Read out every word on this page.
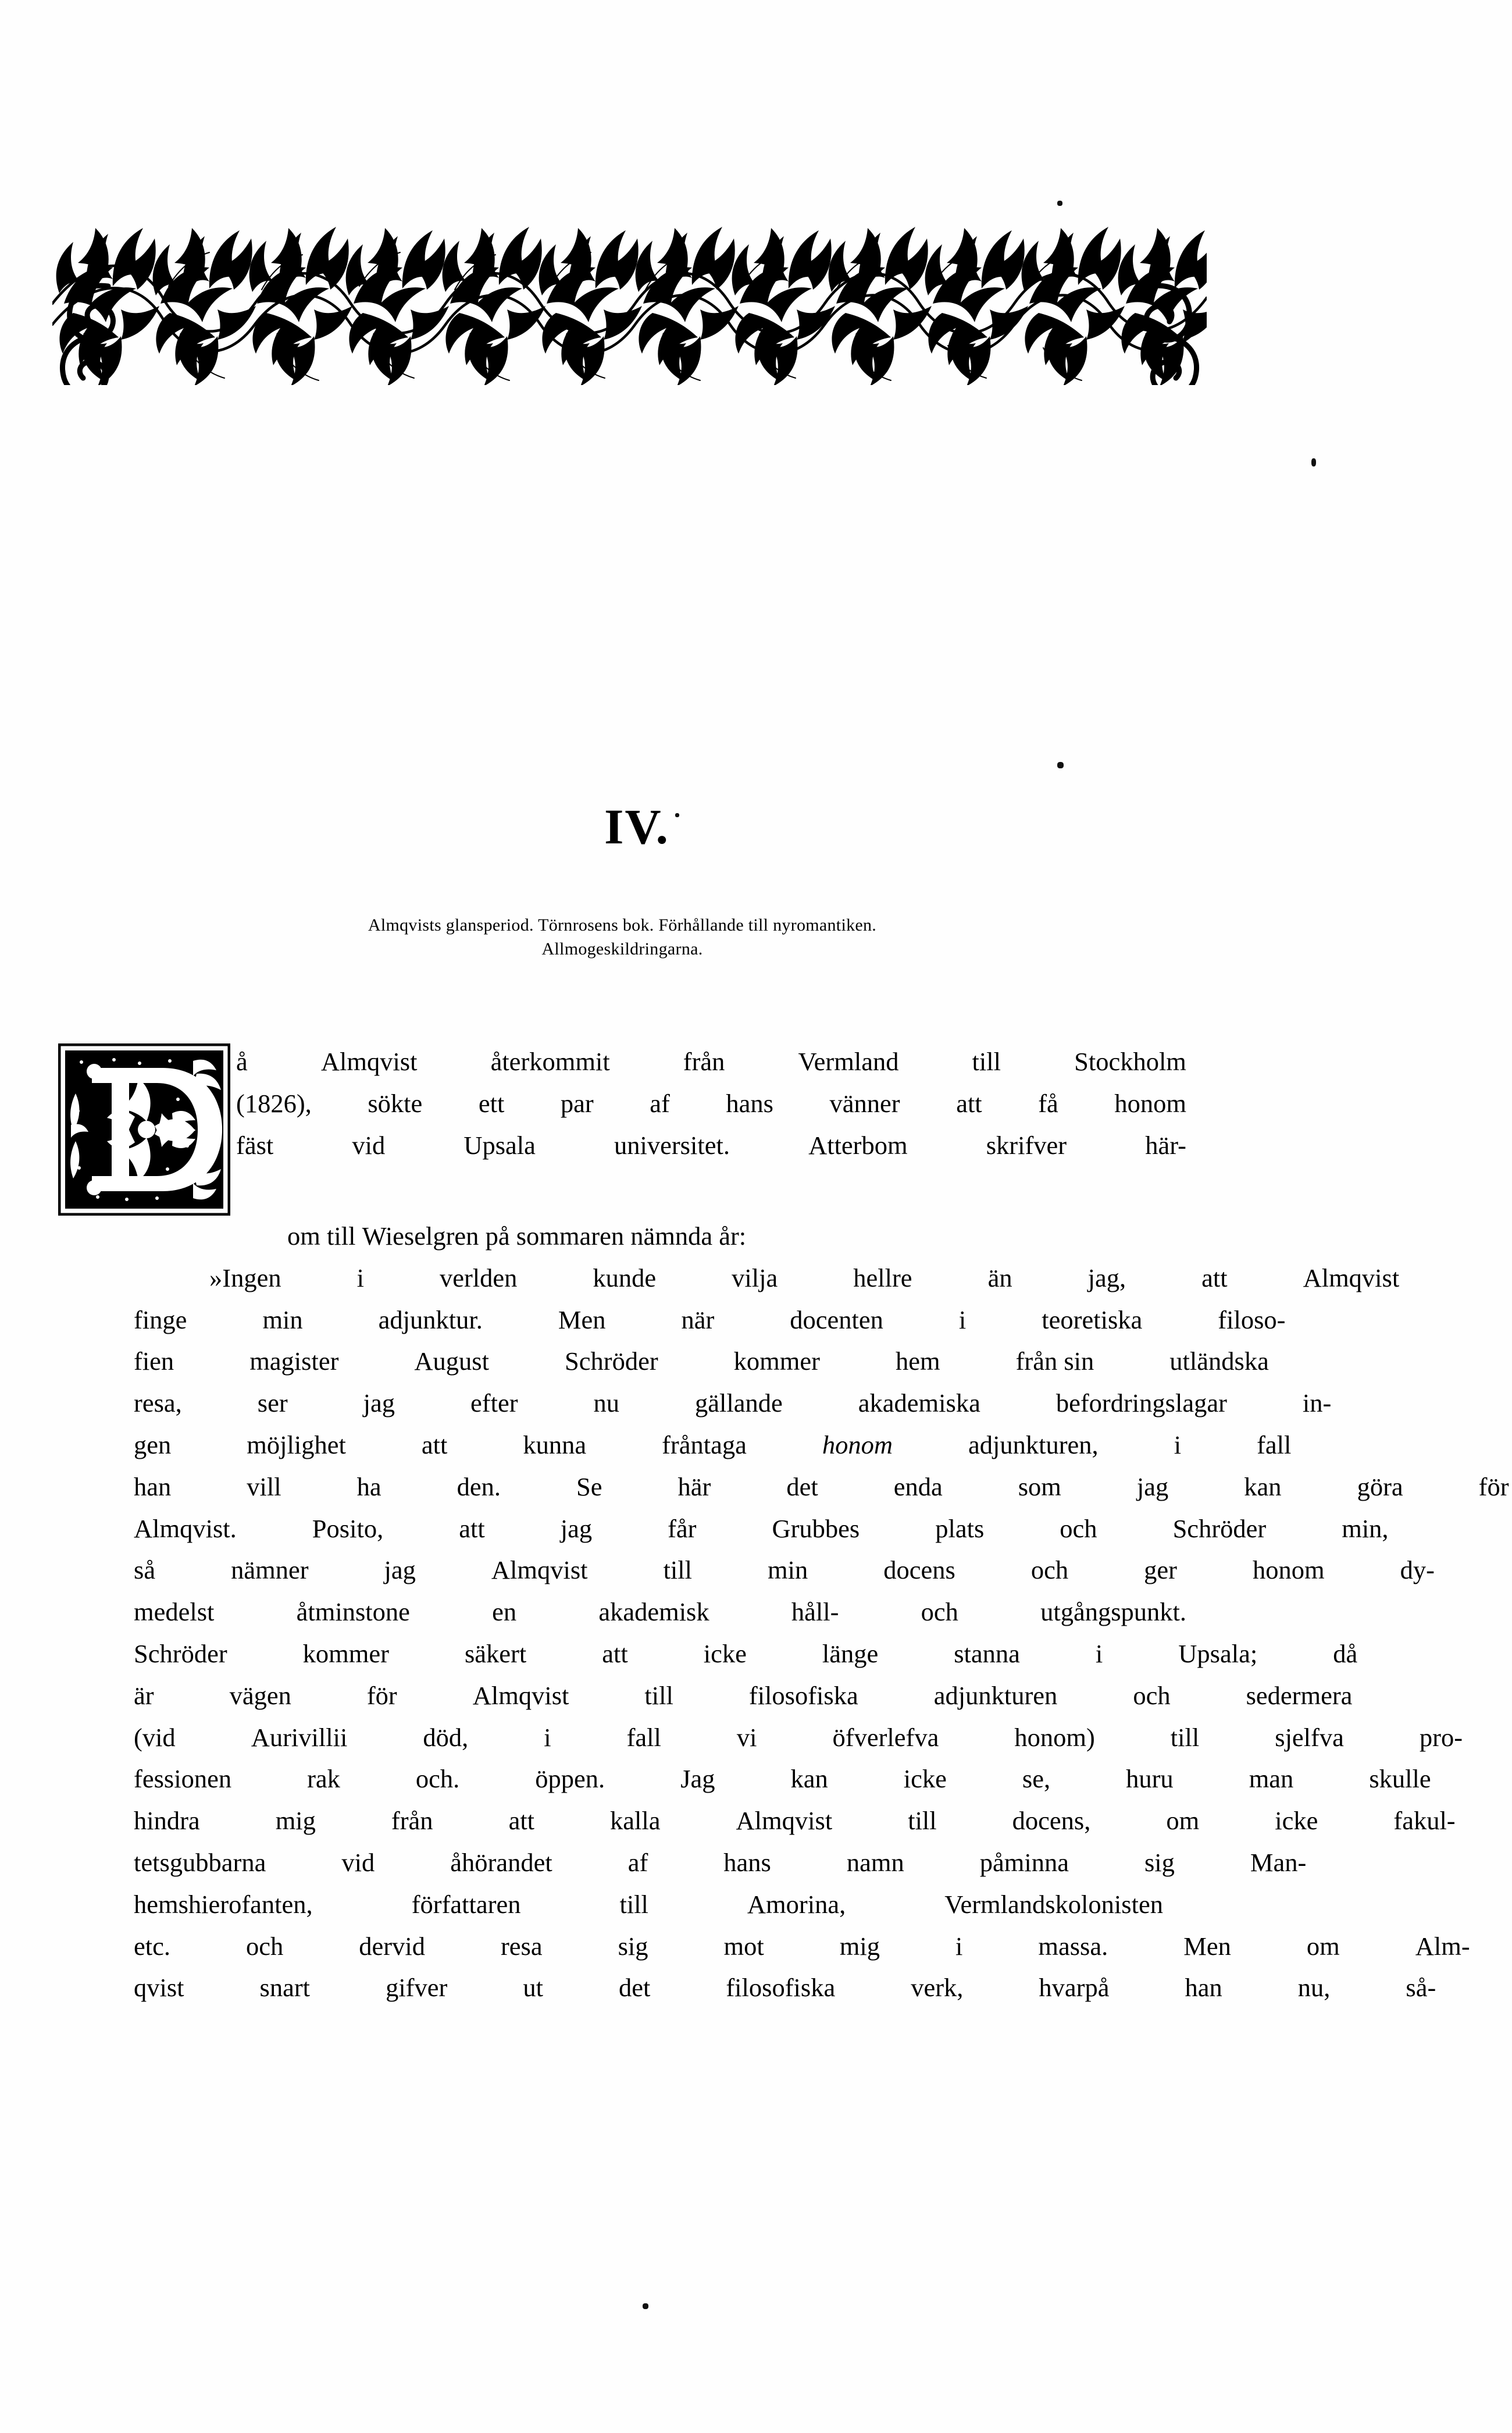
IV.
Almqvists glansperiod. Törnrosens bok. Förhållande till nyromantiken.
Allmogeskildringarna.

å	Almqvist	återkommit	från	Vermland	till	Stockholm
(1826), sökte ett par af hans vänner att få honom
fäst	vid	Upsala	universitet.	Atterbom	skrifver	här-
om
till
Wieselgren
på
sommaren
nämnda
år:

»Ingen	i	verlden	kunde	vilja	hellre	än	jag,	att	Almqvist
finge	min	adjunktur.	Men	när	docenten	i	teoretiska	filoso-
fien	magister	August	Schröder	kommer	hem	från sin	utländska
resa,	ser	jag	efter	nu	gällande	akademiska	befordringslagar	in-
gen	möjlighet	att	kunna	fråntaga	honom	adjunkturen,	i	fall
han	vill	ha	den.	Se	här	det	enda	som	jag	kan	göra	för
Almqvist.	Posito,	att	jag	får	Grubbes	plats	och	Schröder	min,
så	nämner	jag	Almqvist	till	min	docens	och	ger	honom	dy-
medelst	åtminstone	en	akademisk	håll-	och	utgångspunkt.
Schröder	kommer	säkert	att	icke	länge	stanna	i	Upsala;	då
är	vägen	för	Almqvist	till	filosofiska	adjunkturen	och	sedermera
(vid	Aurivillii	död,	i	fall	vi	öfverlefva	honom)	till	sjelfva	pro-
fessionen	rak	och.	öppen.	Jag	kan	icke	se,	huru	man	skulle
hindra	mig	från	att	kalla	Almqvist	till	docens,	om	icke	fakul-
tetsgubbarna	vid	åhörandet	af	hans	namn	påminna	sig	Man-
hemshierofanten,	författaren	till	Amorina,	Vermlandskolonisten
etc.	och	dervid	resa	sig	mot	mig	i	massa.	Men	om	Alm-
qvist	snart	gifver	ut	det	filosofiska	verk,	hvarpå	han	nu,	så-
